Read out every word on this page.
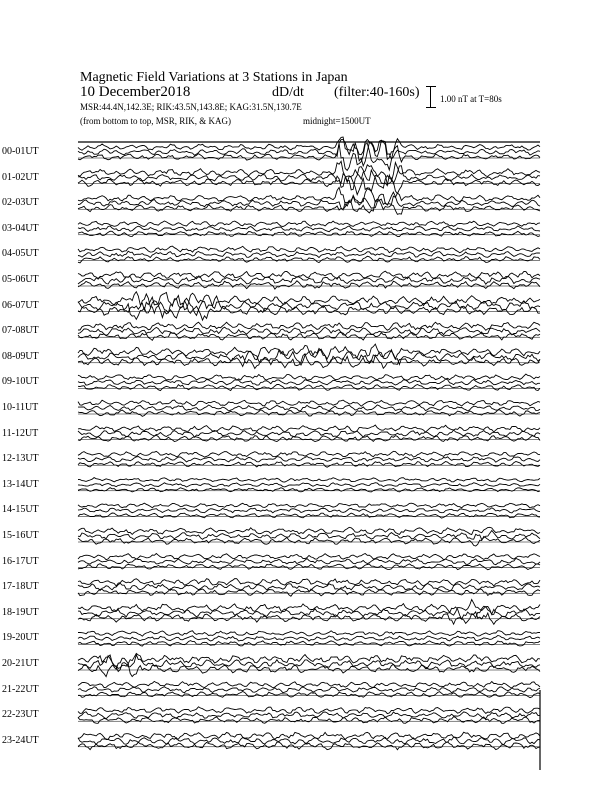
Magnetic Field Variations at 3 Stations in Japan
10 December2018	dD/dt (filter:40-160s)
MSR:44.4N,142.3E; RIK:43.5N,143.8E; KAG:31.5N,130.7E
(from bottom to top, MSR, RIK, & KAG)	midnight=1500UT
1.00 nT at T=80s
00-01UT
01-02UT
02-03UT
03-04UT
04-05UT
05-06UT
06-07UT
07-08UT
08-09UT
09-10UT
10-11UT
11-12UT
12-13UT
13-14UT
14-15UT
15-16UT
16-17UT
17-18UT
18-19UT
19-20UT
20-21UT
21-22UT
22-23UT
23-24UT
